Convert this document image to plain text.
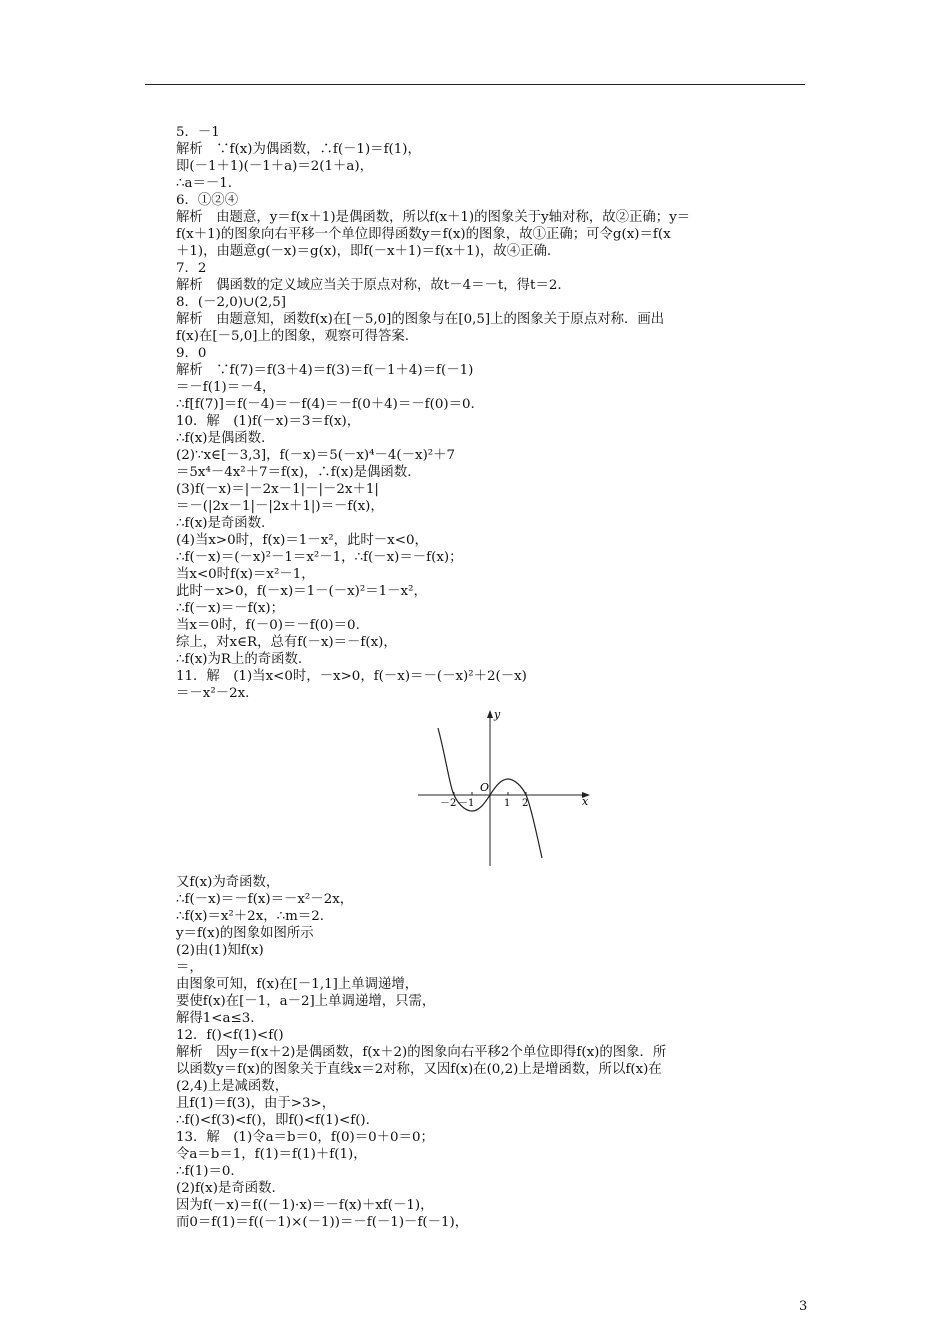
5．－1
解析　∵f(x)为偶函数，∴f(－1)＝f(1)，
即(－1＋1)(－1＋a)＝2(1＋a)，
∴a＝－1.
6．①②④
解析　由题意，y＝f(x＋1)是偶函数，所以f(x＋1)的图象关于y轴对称，故②正确；y＝
f(x＋1)的图象向右平移一个单位即得函数y＝f(x)的图象，故①正确；可令g(x)＝f(x
＋1)，由题意g(－x)＝g(x)，即f(－x＋1)＝f(x＋1)，故④正确.
7．2
解析　偶函数的定义域应当关于原点对称，故t－4＝－t，得t＝2.
8．(－2,0)∪(2,5]
解析　由题意知，函数f(x)在[－5,0]的图象与在[0,5]上的图象关于原点对称．画出
f(x)在[－5,0]上的图象，观察可得答案.
9．0
解析　∵f(7)＝f(3＋4)＝f(3)＝f(－1＋4)＝f(－1)
＝－f(1)＝－4，
∴f[f(7)]＝f(－4)＝－f(4)＝－f(0＋4)＝－f(0)＝0.
10．解　(1)f(－x)＝3＝f(x)，
∴f(x)是偶函数.
(2)∵x∈[－3,3]，f(－x)＝5(－x)⁴－4(－x)²＋7
＝5x⁴－4x²＋7＝f(x)，∴f(x)是偶函数.
(3)f(－x)＝|－2x－1|－|－2x＋1|
＝－(|2x－1|－|2x＋1|)＝－f(x)，
∴f(x)是奇函数.
(4)当x>0时，f(x)＝1－x²，此时－x<0，
∴f(－x)＝(－x)²－1＝x²－1，∴f(－x)＝－f(x)；
当x<0时f(x)＝x²－1，
此时－x>0，f(－x)＝1－(－x)²＝1－x²，
∴f(－x)＝－f(x)；
当x＝0时，f(－0)＝－f(0)＝0.
综上，对x∈R，总有f(－x)＝－f(x)，
∴f(x)为R上的奇函数.
11．解　(1)当x<0时，－x>0，f(－x)＝－(－x)²＋2(－x)
＝－x²－2x.
y
x
O
－2 －1	1 2
又f(x)为奇函数，
∴f(－x)＝－f(x)＝－x²－2x，
∴f(x)＝x²＋2x，∴m＝2.
y＝f(x)的图象如图所示
(2)由(1)知f(x)
＝，
由图象可知，f(x)在[－1,1]上单调递增，
要使f(x)在[－1，a－2]上单调递增，只需，
解得1<a≤3.
12．f()<f(1)<f()
解析　因y＝f(x＋2)是偶函数，f(x＋2)的图象向右平移2个单位即得f(x)的图象．所
以函数y＝f(x)的图象关于直线x＝2对称，又因f(x)在(0,2)上是增函数，所以f(x)在
(2,4)上是减函数，
且f(1)＝f(3)，由于>3>，
∴f()<f(3)<f()，即f()<f(1)<f().
13．解　(1)令a＝b＝0，f(0)＝0＋0＝0；
令a＝b＝1，f(1)＝f(1)＋f(1)，
∴f(1)＝0.
(2)f(x)是奇函数.
因为f(－x)＝f((－1)·x)＝－f(x)＋xf(－1)，
而0＝f(1)＝f((－1)×(－1))＝－f(－1)－f(－1)，
3
